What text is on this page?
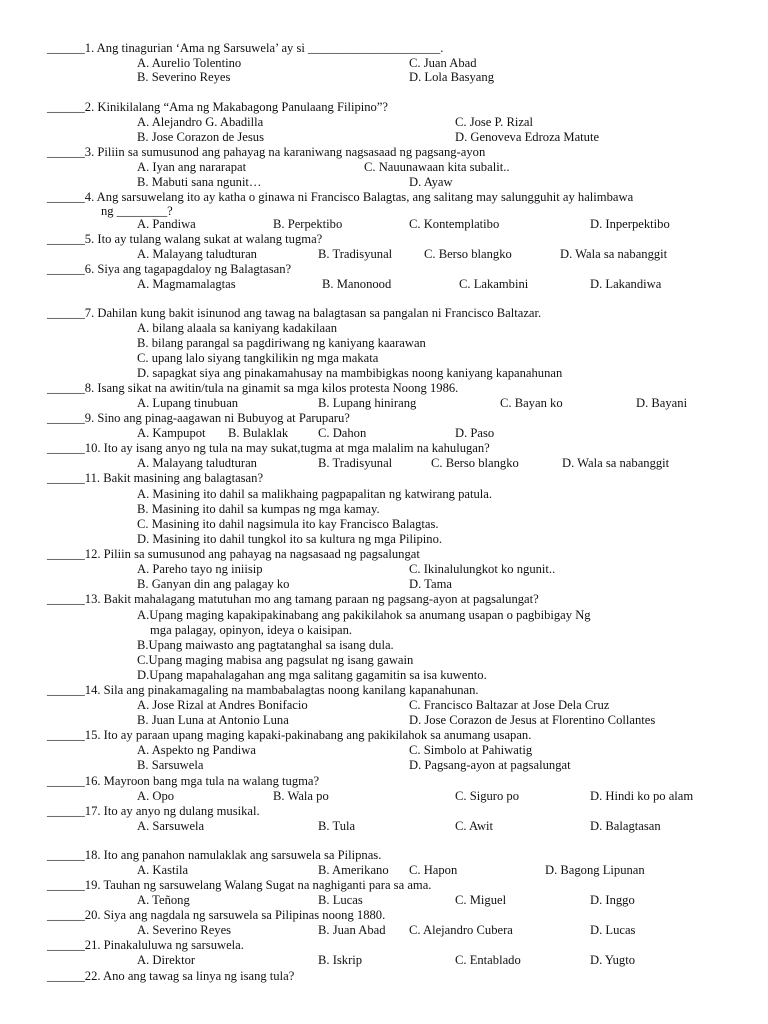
______1. Ang tinagurian ‘Ama ng Sarsuwela’ ay si _____________________.
A. Aurelio Tolentino	C. Juan Abad
B. Severino Reyes	D. Lola Basyang
______2. Kinikilalang “Ama ng Makabagong Panulaang Filipino”?
A. Alejandro G. Abadilla	C. Jose P. Rizal
B. Jose Corazon de Jesus	D. Genoveva Edroza Matute
______3. Piliin sa sumusunod ang pahayag na karaniwang nagsasaad ng pagsang-ayon
A. Iyan ang nararapat	C. Nauunawaan kita subalit..
B. Mabuti sana ngunit…	D. Ayaw
______4. Ang sarsuwelang ito ay katha o ginawa ni Francisco Balagtas, ang salitang may salungguhit ay halimbawa
ng ________?
A. Pandiwa	B. Perpektibo	C. Kontemplatibo	D. Inperpektibo
______5. Ito ay tulang walang sukat at walang tugma?
A. Malayang taludturan	B. Tradisyunal	C. Berso blangko	D. Wala sa nabanggit
______6. Siya ang tagapagdaloy ng Balagtasan?
A. Magmamalagtas	B. Manonood	C. Lakambini	D. Lakandiwa
______7. Dahilan kung bakit isinunod ang tawag na balagtasan sa pangalan ni Francisco Baltazar.
A. bilang alaala sa kaniyang kadakilaan
B. bilang parangal sa pagdiriwang ng kaniyang kaarawan
C. upang lalo siyang tangkilikin ng mga makata
D. sapagkat siya ang pinakamahusay na mambibigkas noong kaniyang kapanahunan
______8. Isang sikat na awitin/tula na ginamit sa mga kilos protesta Noong 1986.
A. Lupang tinubuan	B. Lupang hinirang	C. Bayan ko	D. Bayani
______9. Sino ang pinag-aagawan ni Bubuyog at Paruparu?
A. Kampupot B. Bulaklak C. Dahon	D. Paso
______10. Ito ay isang anyo ng tula na may sukat,tugma at mga malalim na kahulugan?
A. Malayang taludturan	B. Tradisyunal	C. Berso blangko	D. Wala sa nabanggit
______11. Bakit masining ang balagtasan?
A. Masining ito dahil sa malikhaing pagpapalitan ng katwirang patula.
B. Masining ito dahil sa kumpas ng mga kamay.
C. Masining ito dahil nagsimula ito kay Francisco Balagtas.
D. Masining ito dahil tungkol ito sa kultura ng mga Pilipino.
______12. Piliin sa sumusunod ang pahayag na nagsasaad ng pagsalungat
A. Pareho tayo ng iniisip	C. Ikinalulungkot ko ngunit..
B. Ganyan din ang palagay ko	D. Tama
______13. Bakit mahalagang matutuhan mo ang tamang paraan ng pagsang-ayon at pagsalungat?
A.Upang maging kapakipakinabang ang pakikilahok sa anumang usapan o pagbibigay Ng
mga palagay, opinyon, ideya o kaisipan.
B.Upang maiwasto ang pagtatanghal sa isang dula.
C.Upang maging mabisa ang pagsulat ng isang gawain
D.Upang mapahalagahan ang mga salitang gagamitin sa isa kuwento.
______14. Sila ang pinakamagaling na mambabalagtas noong kanilang kapanahunan.
A. Jose Rizal at Andres Bonifacio	C. Francisco Baltazar at Jose Dela Cruz
B. Juan Luna at Antonio Luna	D. Jose Corazon de Jesus at Florentino Collantes
______15. Ito ay paraan upang maging kapaki-pakinabang ang pakikilahok sa anumang usapan.
A. Aspekto ng Pandiwa	C. Simbolo at Pahiwatig
B. Sarsuwela	D. Pagsang-ayon at pagsalungat
______16. Mayroon bang mga tula na walang tugma?
A. Opo	B. Wala po	C. Siguro po	D. Hindi ko po alam
______17. Ito ay anyo ng dulang musikal.
A. Sarsuwela	B. Tula	C. Awit	D. Balagtasan
______18. Ito ang panahon namulaklak ang sarsuwela sa Pilipnas.
A. Kastila	B. Amerikano C. Hapon	D. Bagong Lipunan
______19. Tauhan ng sarsuwelang Walang Sugat na naghiganti para sa ama.
A. Teñong	B. Lucas	C. Miguel	D. Inggo
______20. Siya ang nagdala ng sarsuwela sa Pilipinas noong 1880.
A. Severino Reyes	B. Juan Abad C. Alejandro Cubera	D. Lucas
______21. Pinakaluluwa ng sarsuwela.
A. Direktor	B. Iskrip	C. Entablado	D. Yugto
______22. Ano ang tawag sa linya ng isang tula?
